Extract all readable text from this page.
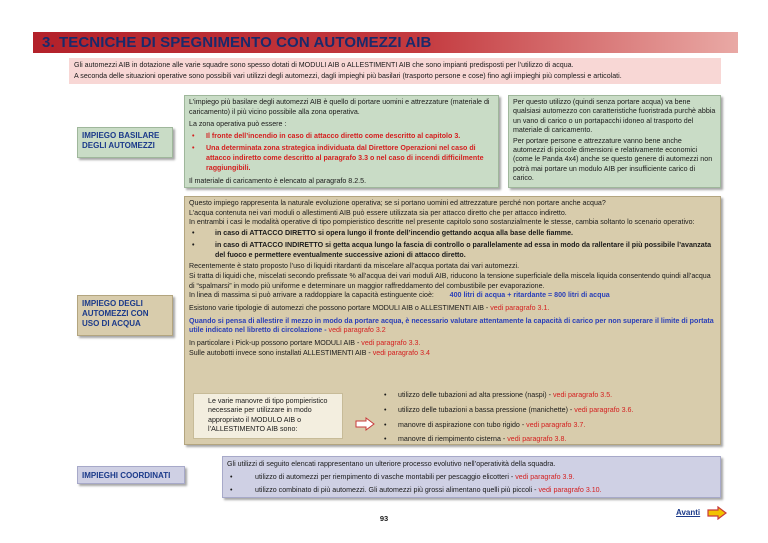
3. TECNICHE DI SPEGNIMENTO CON AUTOMEZZI AIB

Gli automezzi AIB in dotazione alle varie squadre sono spesso dotati di MODULI AIB o ALLESTIMENTI AIB che sono impianti predisposti per l’utilizzo di acqua.

A seconda delle situazioni operative sono possibili vari utilizzi degli automezzi, dagli impieghi più basilari (trasporto persone e cose) fino agli impieghi più complessi e articolati.

IMPIEGO BASILARE DEGLI AUTOMEZZI

L’impiego più basilare degli automezzi AIB è quello di portare uomini e attrezzature (materiale di caricamento) il più vicino possibile alla zona operativa.

La zona operativa può essere :

• Il fronte dell’incendio in caso di attacco diretto come descritto al capitolo 3.
• Una determinata zona strategica individuata dal Direttore Operazioni nel caso di attacco indiretto come descritto al paragrafo 3.3 o nel caso di incendi difficilmente raggiungibili.

Il materiale di caricamento è elencato al paragrafo 8.2.5.

Per questo utilizzo (quindi senza portare acqua) va bene qualsiasi automezzo con caratteristiche fuoristrada purchè abbia un vano di carico o un portapacchi idoneo al trasporto del materiale di caricamento.

Per portare persone e attrezzature vanno bene anche automezzi di piccole dimensioni e relativamente economici (come le Panda 4x4) anche se questo genere di automezzi non potrà mai portare un modulo AIB per insufficiente carico di carico.

IMPIEGO DEGLI AUTOMEZZI CON USO DI ACQUA

Questo impiego rappresenta la naturale evoluzione operativa; se si portano uomini ed attrezzature perché non portare anche acqua?

L’acqua contenuta nei vari moduli o allestimenti AIB può essere utilizzata sia per attacco diretto che per attacco indiretto.

In entrambi i casi le modalità operative di tipo pompieristico descritte nel presente capitolo sono sostanzialmente le stesse, cambia soltanto lo scenario operativo:

• in caso di ATTACCO DIRETTO si opera lungo il fronte dell’incendio gettando acqua alla base delle fiamme.
• in caso di ATTACCO INDIRETTO si getta acqua lungo la fascia di controllo o parallelamente ad essa in modo da rallentare il più possibile l’avanzata del fuoco e permettere eventualmente successive azioni di attacco diretto.

Recentemente è stato proposto l’uso di liquidi ritardanti da miscelare all’acqua portata dai vari automezzi.

Si tratta di liquidi che, miscelati secondo prefissate % all’acqua dei vari moduli AIB, riducono la tensione superficiale della miscela liquida consentendo quindi all’acqua di “spalmarsi” in modo più uniforme e determinare un maggior raffreddamento del combustibile per evaporazione.

In linea di massima si può arrivare a raddoppiare la capacità estinguente cioè: 400 litri di acqua + ritardante = 800 litri di acqua

Esistono varie tipologie di automezzi che possono portare MODULI AIB o ALLESTIMENTI AIB - vedi paragrafo 3.1.

Quando si pensa di allestire il mezzo in modo da portare acqua, è necessario valutare attentamente la capacità di carico per non superare il limite di portata utile indicato nel libretto di circolazione - vedi paragrafo 3.2

In particolare i Pick-up possono portare MODULI AIB - vedi paragrafo 3.3.

Sulle autobotti invece sono installati ALLESTIMENTI AIB - vedi paragrafo 3.4

Le varie manovre di tipo pompieristico necessarie per utilizzare in modo appropriato il MODULO AIB o l’ALLESTIMENTO AIB sono:

• utilizzo delle tubazioni ad alta pressione (naspi) - vedi paragrafo 3.5.
• utilizzo delle tubazioni a bassa pressione (manichette) - vedi paragrafo 3.6.
• manovre di aspirazione con tubo rigido - vedi paragrafo 3.7.
• manovre di riempimento cisterna - vedi paragrafo 3.8.
IMPIEGHI COORDINATI

Gli utilizzi di seguito elencati rappresentano un ulteriore processo evolutivo nell’operatività della squadra.

• utilizzo di automezzi per riempimento di vasche montabili per pescaggio elicotteri - vedi paragrafo 3.9.
• utilizzo combinato di più automezzi. Gli automezzi più grossi alimentano quelli più piccoli - vedi paragrafo 3.10.
93
Avanti
